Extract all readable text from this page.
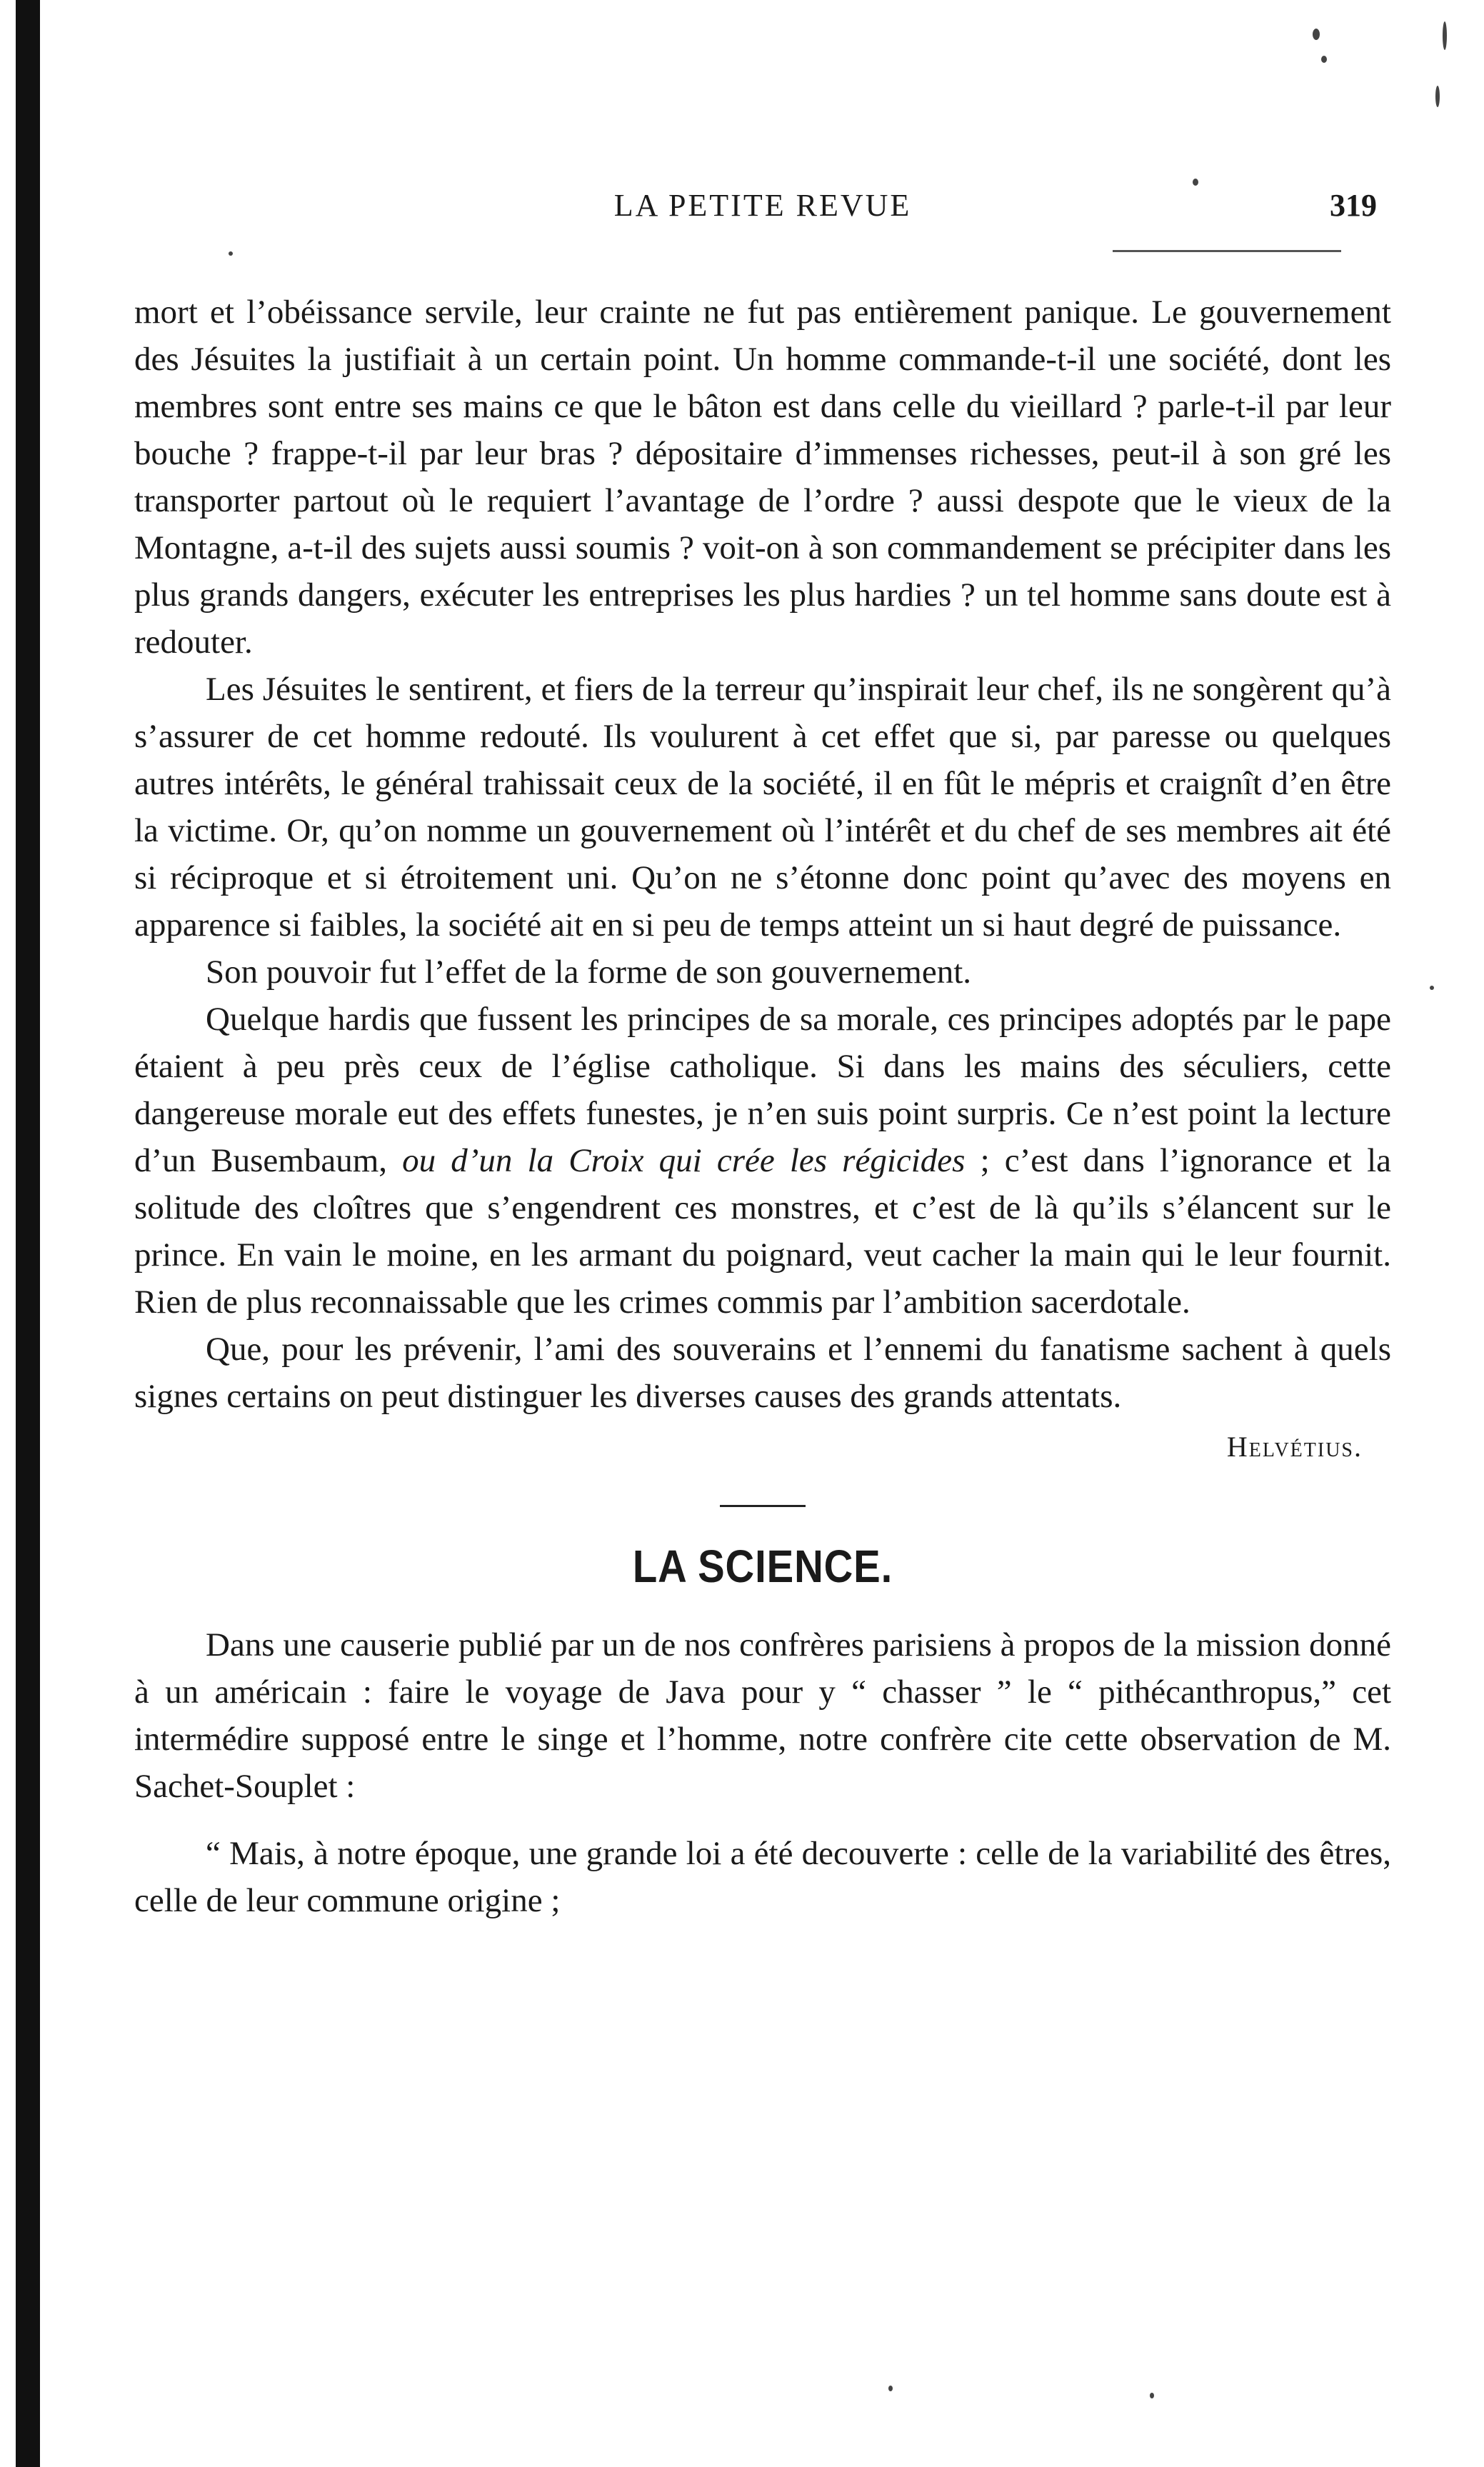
LA PETITE REVUE	319

mort et l’obéissance servile, leur crainte ne fut pas entièrement panique. Le gouvernement des Jésuites la justifiait à un certain point. Un homme commande-t-il une société, dont les membres sont entre ses mains ce que le bâton est dans celle du vieillard ? parle-t-il par leur bouche ? frappe-t-il par leur bras ? dépositaire d’immenses richesses, peut-il à son gré les transporter partout où le requiert l’avantage de l’ordre ? aussi despote que le vieux de la Montagne, a-t-il des sujets aussi soumis ? voit-on à son commandement se précipiter dans les plus grands dangers, exécuter les entreprises les plus hardies ? un tel homme sans doute est à redouter.

Les Jésuites le sentirent, et fiers de la terreur qu’inspirait leur chef, ils ne songèrent qu’à s’assurer de cet homme redouté. Ils voulurent à cet effet que si, par paresse ou quelques autres intérêts, le général trahissait ceux de la société, il en fût le mépris et craignît d’en être la victime. Or, qu’on nomme un gouvernement où l’intérêt et du chef de ses membres ait été si réciproque et si étroitement uni. Qu’on ne s’étonne donc point qu’avec des moyens en apparence si faibles, la société ait en si peu de temps atteint un si haut degré de puissance.

Son pouvoir fut l’effet de la forme de son gouvernement.

Quelque hardis que fussent les principes de sa morale, ces principes adoptés par le pape étaient à peu près ceux de l’église catholique. Si dans les mains des séculiers, cette dangereuse morale eut des effets funestes, je n’en suis point surpris. Ce n’est point la lecture d’un Busembaum, ou d’un la Croix qui crée les régicides ; c’est dans l’ignorance et la solitude des cloîtres que s’engendrent ces monstres, et c’est de là qu’ils s’élancent sur le prince. En vain le moine, en les armant du poignard, veut cacher la main qui le leur fournit. Rien de plus reconnaissable que les crimes commis par l’ambition sacerdotale.

Que, pour les prévenir, l’ami des souverains et l’ennemi du fanatisme sachent à quels signes certains on peut distinguer les diverses causes des grands attentats.

Helvétius.
LA SCIENCE.

Dans une causerie publié par un de nos confrères parisiens à propos de la mission donné à un américain : faire le voyage de Java pour y “ chasser ” le “ pithécanthropus,” cet intermédire supposé entre le singe et l’homme, notre confrère cite cette observation de M. Sachet-Souplet :

“ Mais, à notre époque, une grande loi a été decouverte : celle de la variabilité des êtres, celle de leur commune origine ;
